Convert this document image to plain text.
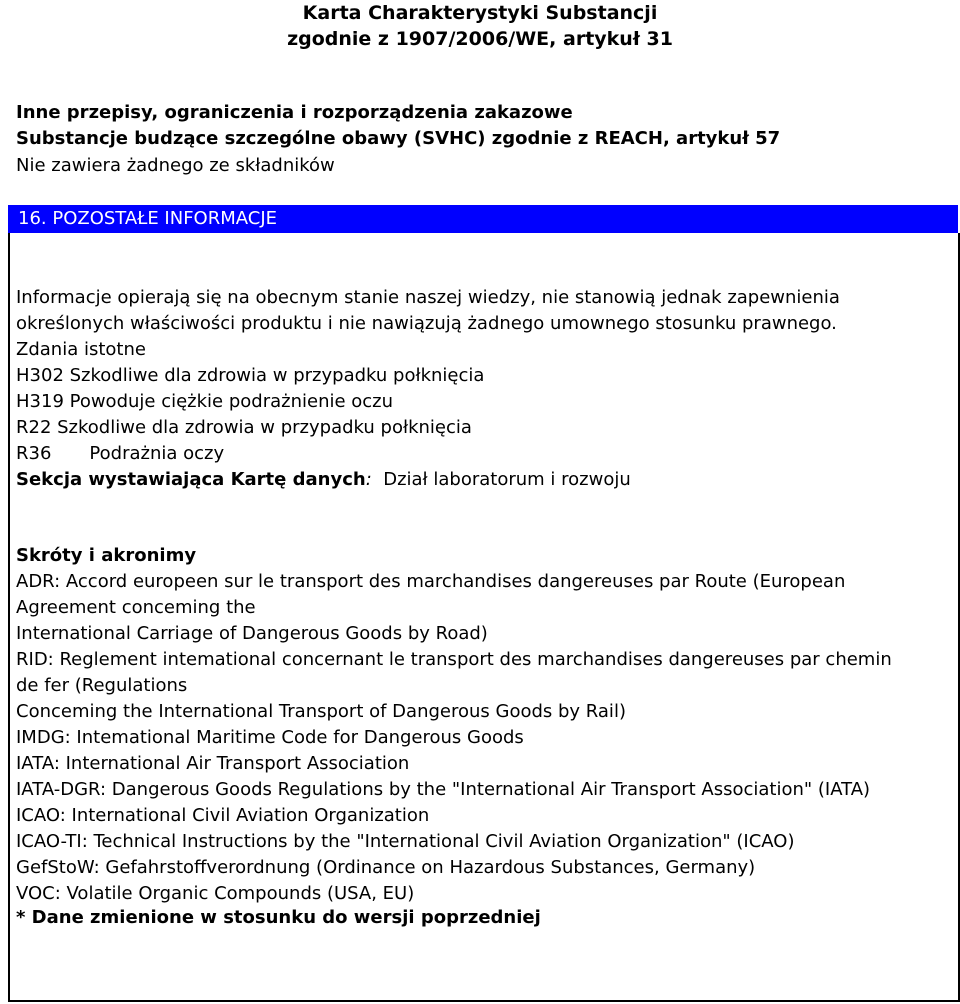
Karta Charakterystyki Substancji
zgodnie z 1907/2006/WE, artykuł 31
Inne przepisy, ograniczenia i rozporządzenia zakazowe
Substancje budzące szczególne obawy (SVHC) zgodnie z REACH, artykuł 57
Nie zawiera żadnego ze składników
16. POZOSTAŁE INFORMACJE
Informacje opierają się na obecnym stanie naszej wiedzy, nie stanowią jednak zapewnienia
określonych właściwości produktu i nie nawiązują żadnego umownego stosunku prawnego.
Zdania istotne
H302 Szkodliwe dla zdrowia w przypadku połknięcia
H319 Powoduje ciężkie podrażnienie oczu
R22 Szkodliwe dla zdrowia w przypadku połknięcia
R36 Podrażnia oczy
Sekcja wystawiająca Kartę danych: Dział laboratorum i rozwoju
Skróty i akronimy
ADR: Accord europeen sur le transport des marchandises dangereuses par Route (European
Agreement conceming the
International Carriage of Dangerous Goods by Road)
RID: Reglement intemational concernant le transport des marchandises dangereuses par chemin
de fer (Regulations
Conceming the International Transport of Dangerous Goods by Rail)
IMDG: Intemational Maritime Code for Dangerous Goods
IATA: International Air Transport Association
IATA-DGR: Dangerous Goods Regulations by the "International Air Transport Association" (IATA)
ICAO: International Civil Aviation Organization
ICAO-TI: Technical Instructions by the "International Civil Aviation Organization" (ICAO)
GefStoW: Gefahrstoffverordnung (Ordinance on Hazardous Substances, Germany)
VOC: Volatile Organic Compounds (USA, EU)
* Dane zmienione w stosunku do wersji poprzedniej
